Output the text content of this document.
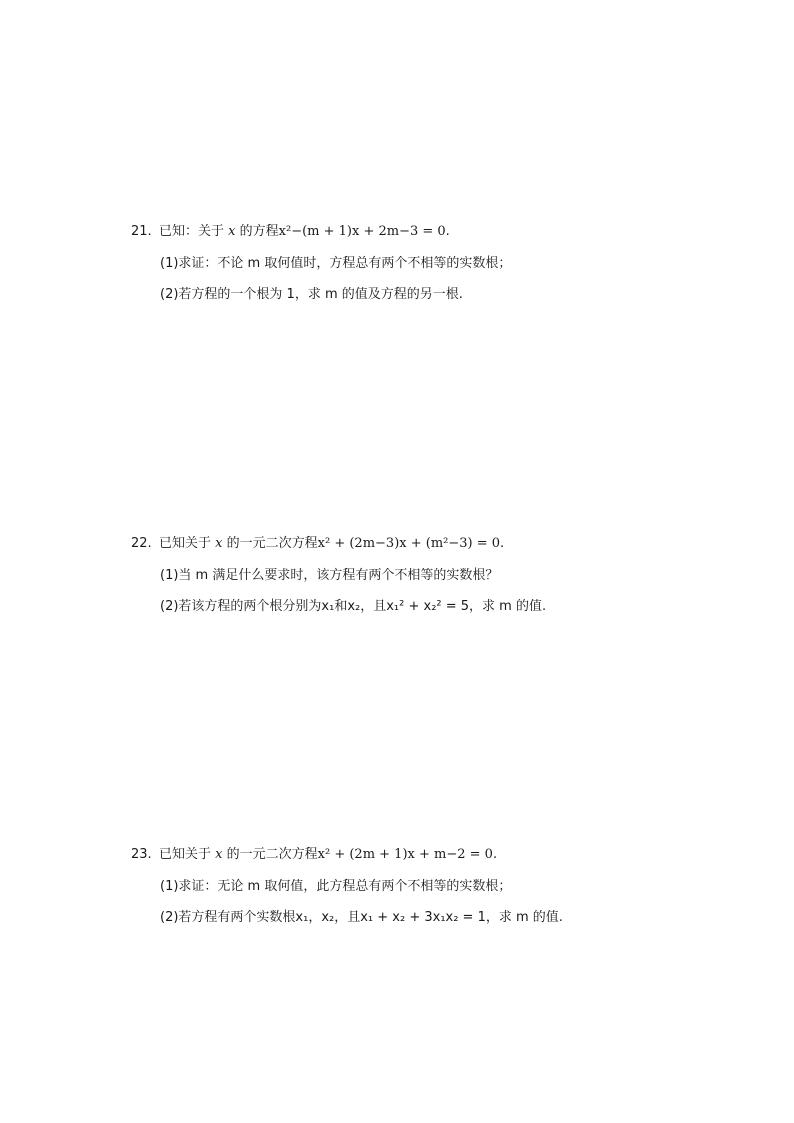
21. 已知：关于 x 的方程x²−(m + 1)x + 2m−3 = 0.
(1)求证：不论 m 取何值时，方程总有两个不相等的实数根；
(2)若方程的一个根为 1，求 m 的值及方程的另一根.
22. 已知关于 x 的一元二次方程x² + (2m−3)x + (m²−3) = 0.
(1)当 m 满足什么要求时，该方程有两个不相等的实数根？
(2)若该方程的两个根分别为x₁和x₂，且x₁² + x₂² = 5，求 m 的值.
23. 已知关于 x 的一元二次方程x² + (2m + 1)x + m−2 = 0.
(1)求证：无论 m 取何值，此方程总有两个不相等的实数根；
(2)若方程有两个实数根x₁，x₂，且x₁ + x₂ + 3x₁x₂ = 1，求 m 的值.
